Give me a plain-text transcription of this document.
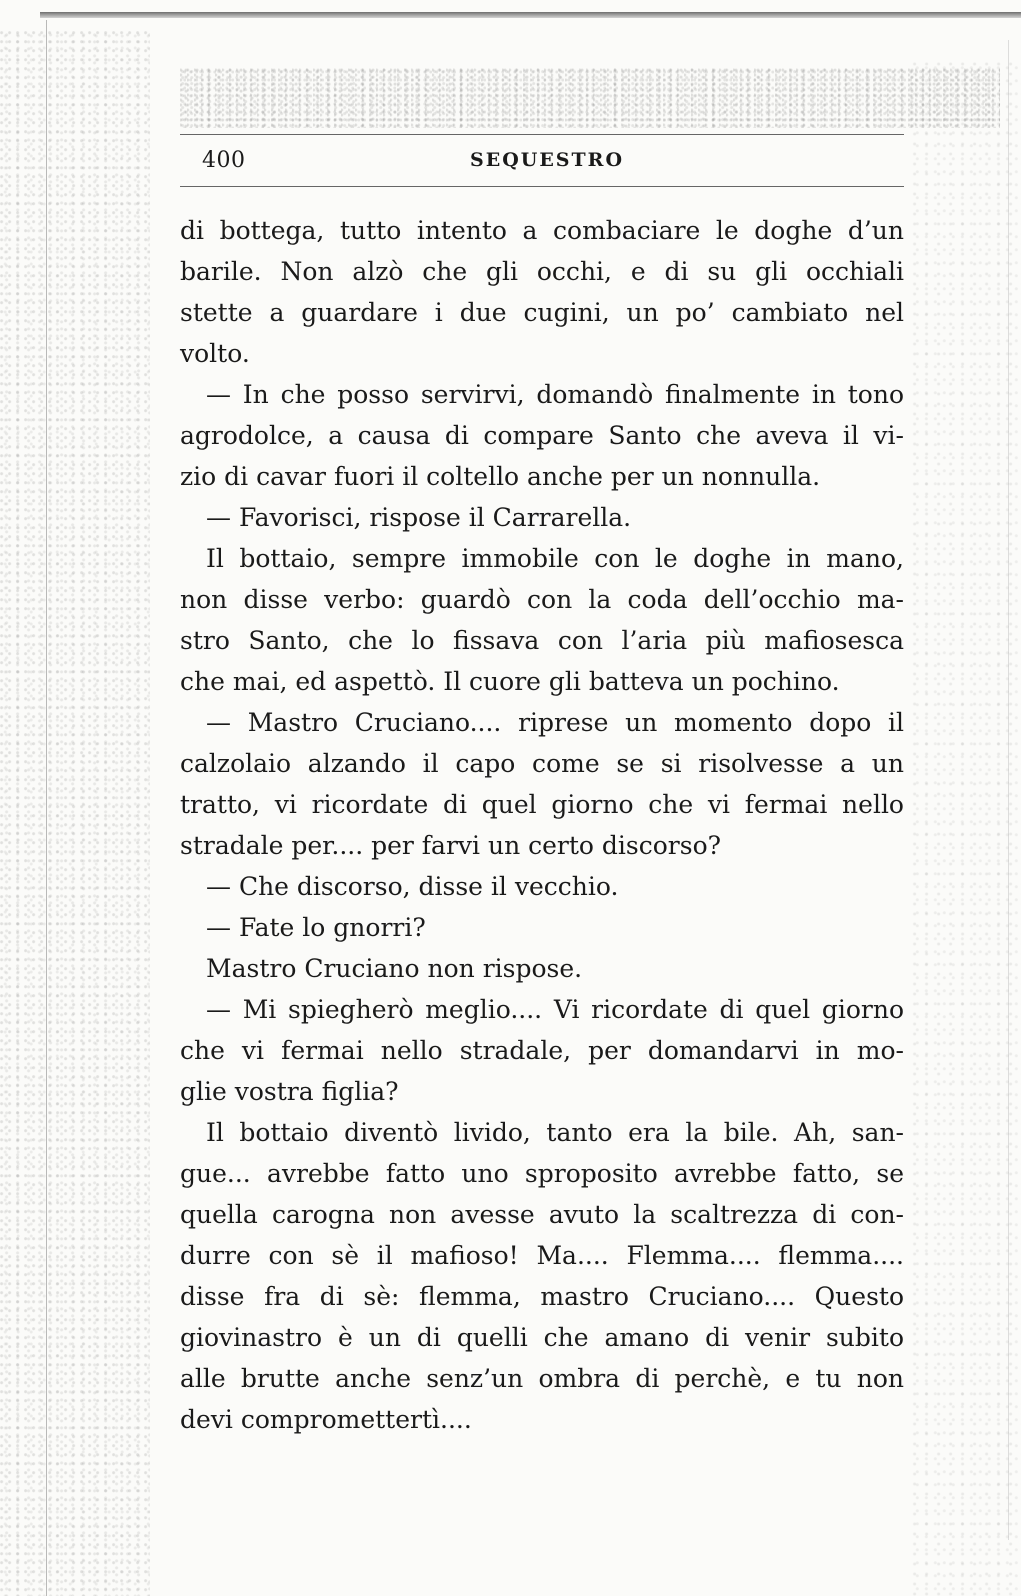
400	SEQUESTRO
di bottega, tutto intento a combaciare le doghe d’un
barile. Non alzò che gli occhi, e di su gli occhiali
stette a guardare i due cugini, un po’ cambiato nel
volto.
— In che posso servirvi, domandò finalmente in tono
agrodolce, a causa di compare Santo che aveva il vi-
zio di cavar fuori il coltello anche per un nonnulla.
— Favorisci, rispose il Carrarella.
Il bottaio, sempre immobile con le doghe in mano,
non disse verbo: guardò con la coda dell’occhio ma-
stro Santo, che lo fissava con l’aria più mafiosesca
che mai, ed aspettò. Il cuore gli batteva un pochino.
— Mastro Cruciano.... riprese un momento dopo il
calzolaio alzando il capo come se si risolvesse a un
tratto, vi ricordate di quel giorno che vi fermai nello
stradale per.... per farvi un certo discorso?
— Che discorso, disse il vecchio.
— Fate lo gnorri?
Mastro Cruciano non rispose.
— Mi spiegherò meglio.... Vi ricordate di quel giorno
che vi fermai nello stradale, per domandarvi in mo-
glie vostra figlia?
Il bottaio diventò livido, tanto era la bile. Ah, san-
gue... avrebbe fatto uno sproposito avrebbe fatto, se
quella carogna non avesse avuto la scaltrezza di con-
durre con sè il mafioso! Ma.... Flemma.... flemma....
disse fra di sè: flemma, mastro Cruciano.... Questo
giovinastro è un di quelli che amano di venir subito
alle brutte anche senz’un ombra di perchè, e tu non
devi compromettertì....
